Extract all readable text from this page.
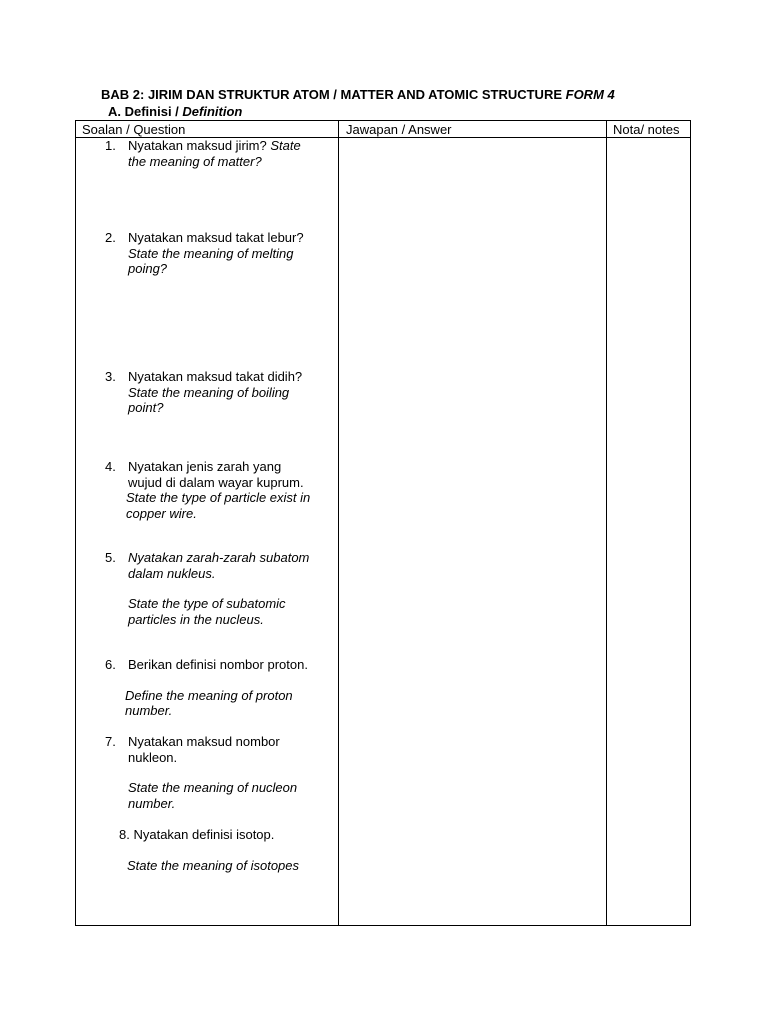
BAB 2: JIRIM DAN STRUKTUR ATOM / MATTER AND ATOMIC STRUCTURE FORM 4
A. Definisi / Definition
Soalan / Question	Jawapan / Answer	Nota/ notes
1. Nyatakan maksud jirim? State
the meaning of matter?
2. Nyatakan maksud takat lebur?
State the meaning of melting
poing?
3. Nyatakan maksud takat didih?
State the meaning of boiling
point?
4. Nyatakan jenis zarah yang
wujud di dalam wayar kuprum.
State the type of particle exist in
copper wire.
5. Nyatakan zarah-zarah subatom
dalam nukleus.
State the type of subatomic
particles in the nucleus.
6. Berikan definisi nombor proton.
Define the meaning of proton
number.
7. Nyatakan maksud nombor
nukleon.
State the meaning of nucleon
number.
8. Nyatakan definisi isotop.
State the meaning of isotopes
